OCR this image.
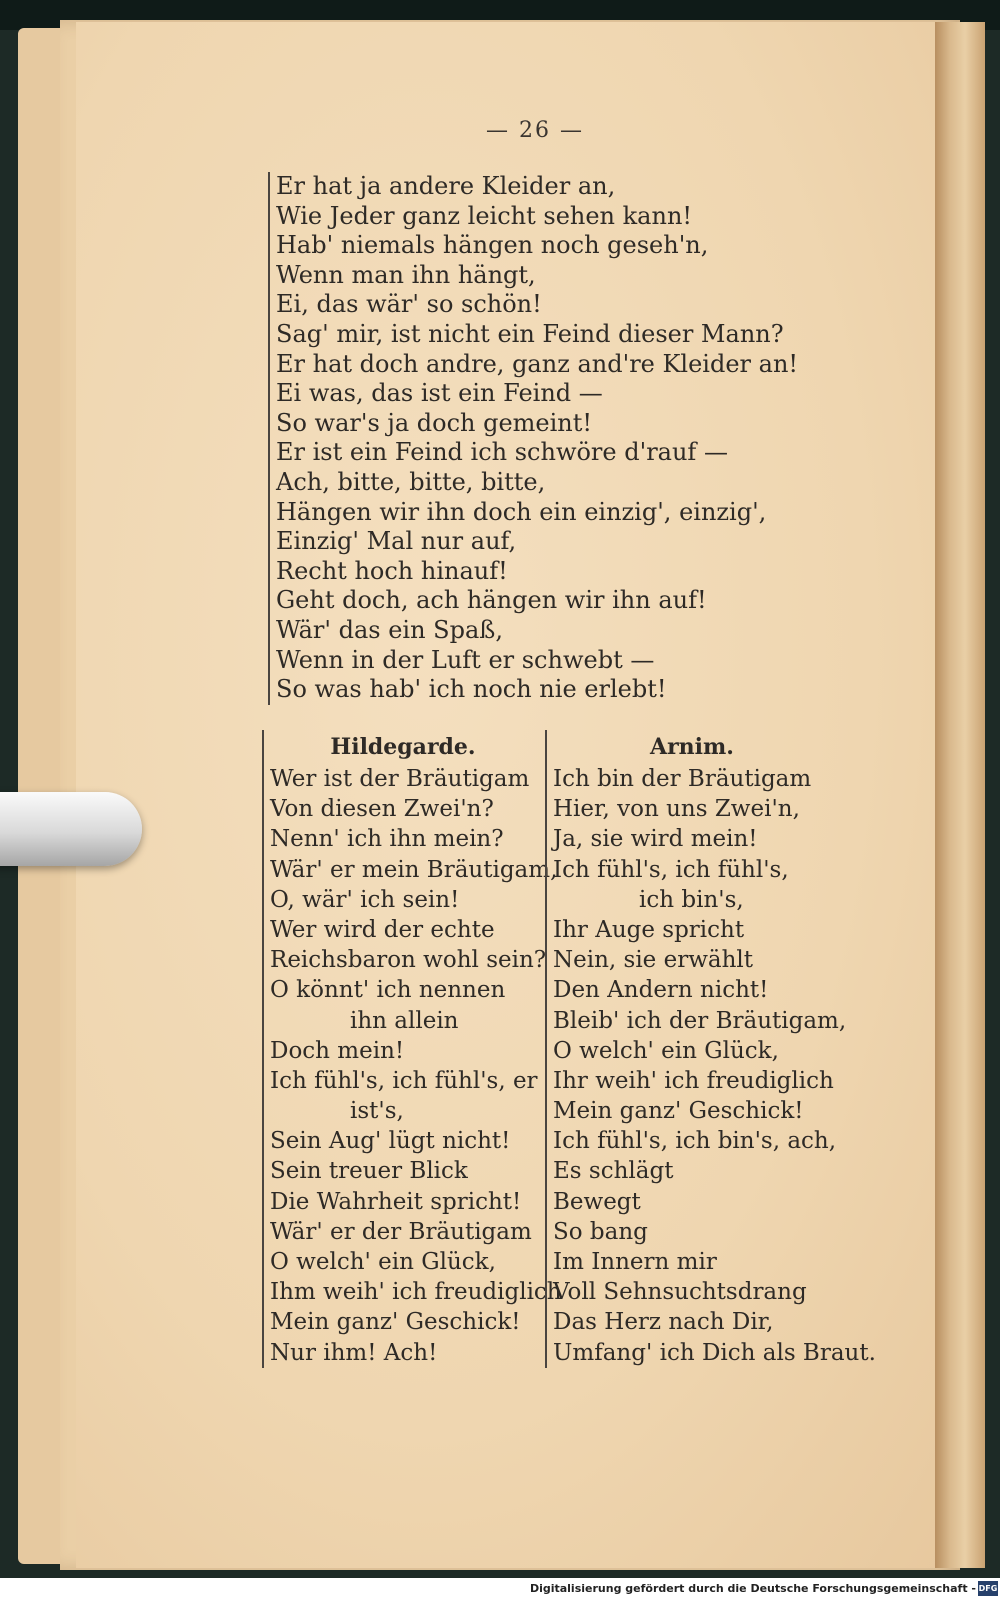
— 26 —
Er hat ja andere Kleider an,
Wie Jeder ganz leicht sehen kann!
Hab' niemals hängen noch geseh'n,
Wenn man ihn hängt,
Ei, das wär' so schön!
Sag' mir, ist nicht ein Feind dieser Mann?
Er hat doch andre, ganz and're Kleider an!
Ei was, das ist ein Feind —
So war's ja doch gemeint!
Er ist ein Feind ich schwöre d'rauf —
Ach, bitte, bitte, bitte,
Hängen wir ihn doch ein einzig', einzig',
Einzig' Mal nur auf,
Recht hoch hinauf!
Geht doch, ach hängen wir ihn auf!
Wär' das ein Spaß,
Wenn in der Luft er schwebt —
So was hab' ich noch nie erlebt!
Hildegarde.
Wer ist der Bräutigam
Von diesen Zwei'n?
Nenn' ich ihn mein?
Wär' er mein Bräutigam,
O, wär' ich sein!
Wer wird der echte
Reichsbaron wohl sein?
O könnt' ich nennen
ihn allein
Doch mein!
Ich fühl's, ich fühl's, er
ist's,
Sein Aug' lügt nicht!
Sein treuer Blick
Die Wahrheit spricht!
Wär' er der Bräutigam
O welch' ein Glück,
Ihm weih' ich freudiglich
Mein ganz' Geschick!
Nur ihm! Ach!
Arnim.
Ich bin der Bräutigam
Hier, von uns Zwei'n,
Ja, sie wird mein!
Ich fühl's, ich fühl's,
ich bin's,
Ihr Auge spricht
Nein, sie erwählt
Den Andern nicht!
Bleib' ich der Bräutigam,
O welch' ein Glück,
Ihr weih' ich freudiglich
Mein ganz' Geschick!
Ich fühl's, ich bin's, ach,
Es schlägt
Bewegt
So bang
Im Innern mir
Voll Sehnsuchtsdrang
Das Herz nach Dir,
Umfang' ich Dich als Braut.
Digitalisierung gefördert durch die Deutsche Forschungsgemeinschaft - DFG
